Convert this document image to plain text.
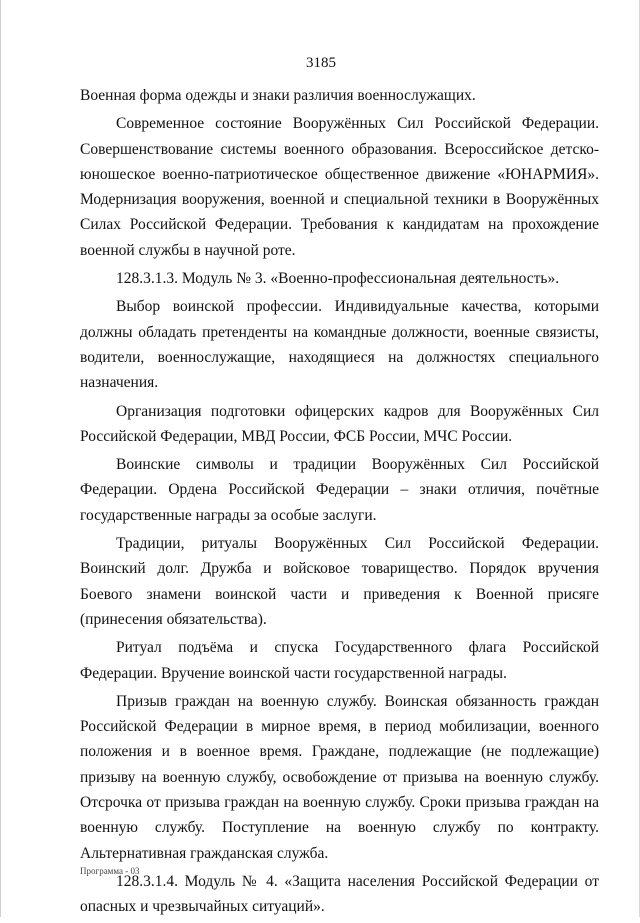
3185

Военная форма одежды и знаки различия военнослужащих.

Современное состояние Вооружённых Сил Российской Федерации. Совершенствование системы военного образования. Всероссийское детско-юношеское военно-патриотическое общественное движение «ЮНАРМИЯ». Модернизация вооружения, военной и специальной техники в Вооружённых Силах Российской Федерации. Требования к кандидатам на прохождение военной службы в научной роте.

128.3.1.3. Модуль № 3. «Военно-профессиональная деятельность».

Выбор воинской профессии. Индивидуальные качества, которыми должны обладать претенденты на командные должности, военные связисты, водители, военнослужащие, находящиеся на должностях специального назначения.

Организация подготовки офицерских кадров для Вооружённых Сил Российской Федерации, МВД России, ФСБ России, МЧС России.

Воинские символы и традиции Вооружённых Сил Российской Федерации. Ордена Российской Федерации – знаки отличия, почётные государственные награды за особые заслуги.

Традиции, ритуалы Вооружённых Сил Российской Федерации. Воинский долг. Дружба и войсковое товарищество. Порядок вручения Боевого знамени воинской части и приведения к Военной присяге (принесения обязательства).

Ритуал подъёма и спуска Государственного флага Российской Федерации. Вручение воинской части государственной награды.

Призыв граждан на военную службу. Воинская обязанность граждан Российской Федерации в мирное время, в период мобилизации, военного положения и в военное время. Граждане, подлежащие (не подлежащие) призыву на военную службу, освобождение от призыва на военную службу. Отсрочка от призыва граждан на военную службу. Сроки призыва граждан на военную службу. Поступление на военную службу по контракту. Альтернативная гражданская служба.

128.3.1.4. Модуль № 4. «Защита населения Российской Федерации от опасных и чрезвычайных ситуаций».

Программа - 03
